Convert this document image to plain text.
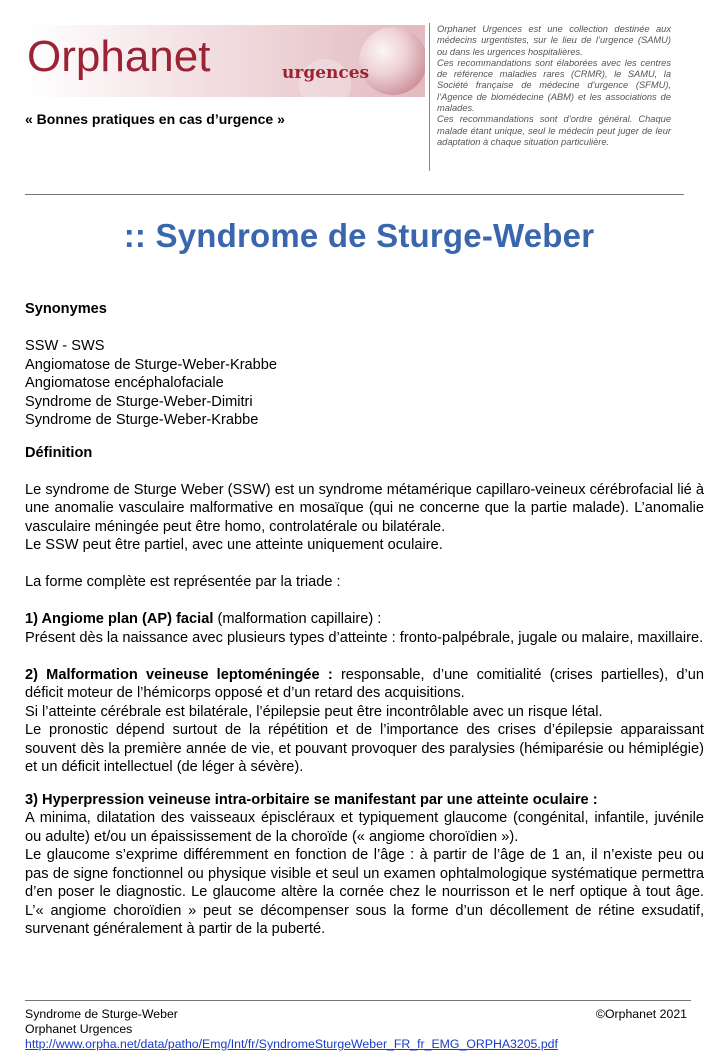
Orphanet	urgences
« Bonnes pratiques en cas d’urgence »

Orphanet Urgences est une collection destinée aux médecins urgentistes, sur le lieu de l’urgence (SAMU) ou dans les urgences hospitalières.

Ces recommandations sont élaborées avec les centres de référence maladies rares (CRMR), le SAMU, la Société française de médecine d’urgence (SFMU), l’Agence de biomédecine (ABM) et les associations de malades.

Ces recommandations sont d’ordre général. Chaque malade étant unique, seul le médecin peut juger de leur adaptation à chaque situation particulière.

:: Syndrome de Sturge-Weber

Synonymes

SSW - SWS

Angiomatose de Sturge-Weber-Krabbe

Angiomatose encéphalofaciale

Syndrome de Sturge-Weber-Dimitri

Syndrome de Sturge-Weber-Krabbe

Définition

Le syndrome de Sturge Weber (SSW) est un syndrome métamérique capillaro-veineux cérébrofacial lié à une anomalie vasculaire malformative en mosaïque (qui ne concerne que la partie malade). L’anomalie vasculaire méningée peut être homo, controlatérale ou bilatérale.

Le SSW peut être partiel, avec une atteinte uniquement oculaire.

La forme complète est représentée par la triade :

1) Angiome plan (AP) facial (malformation capillaire) :

Présent dès la naissance avec plusieurs types d’atteinte : fronto-palpébrale, jugale ou malaire, maxillaire.

2) Malformation veineuse leptoméningée : responsable, d’une comitialité (crises partielles), d’un déficit moteur de l’hémicorps opposé et d’un retard des acquisitions.

Si l’atteinte cérébrale est bilatérale, l’épilepsie peut être incontrôlable avec un risque létal.

Le pronostic dépend surtout de la répétition et de l’importance des crises d’épilepsie apparaissant souvent dès la première année de vie, et pouvant provoquer des paralysies (hémiparésie ou hémiplégie) et un déficit intellectuel (de léger à sévère).

3) Hyperpression veineuse intra-orbitaire se manifestant par une atteinte oculaire :

A minima, dilatation des vaisseaux épiscléraux et typiquement glaucome (congénital, infantile, juvénile ou adulte) et/ou un épaississement de la choroïde (« angiome choroïdien »).

Le glaucome s’exprime différemment en fonction de l’âge : à partir de l’âge de 1 an, il n’existe peu ou pas de signe fonctionnel ou physique visible et seul un examen ophtalmologique systématique permettra d’en poser le diagnostic. Le glaucome altère la cornée chez le nourrisson et le nerf optique à tout âge. L’« angiome choroïdien » peut se décompenser sous la forme d’un décollement de rétine exsudatif, survenant généralement à partir de la puberté.

Syndrome de Sturge-Weber
Orphanet Urgences
©Orphanet 2021
http://www.orpha.net/data/patho/Emg/Int/fr/SyndromeSturgeWeber_FR_fr_EMG_ORPHA3205.pdf
